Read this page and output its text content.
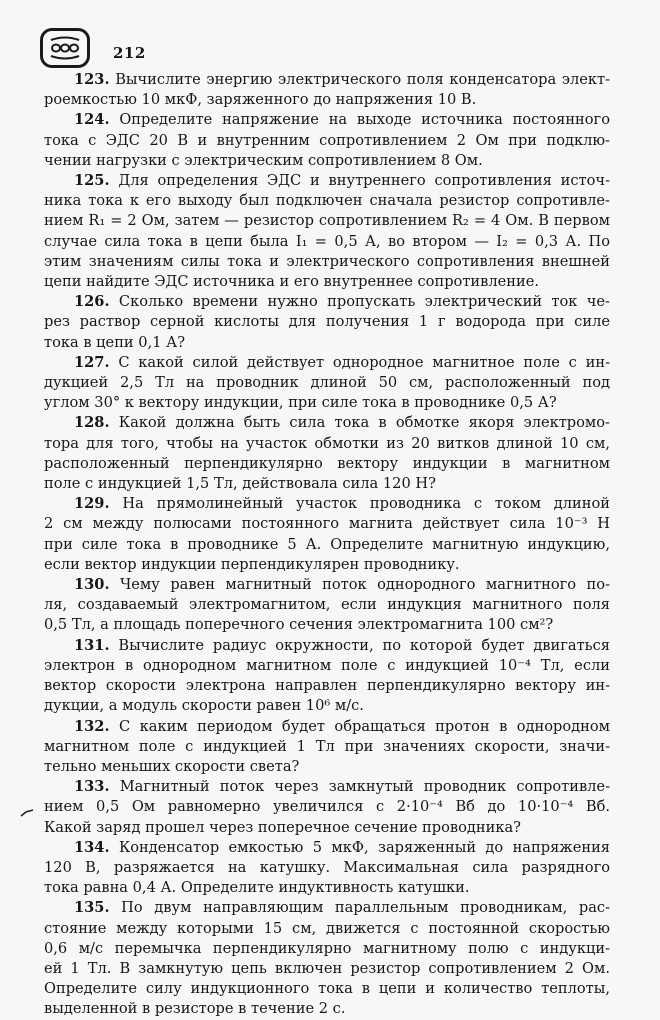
212
123. Вычислите энергию электрического поля конденсатора элект-
роемкостью 10 мкФ, заряженного до напряжения 10 В.
124. Определите напряжение на выходе источника постоянного
тока с ЭДС 20 В и внутренним сопротивлением 2 Ом при подклю-
чении нагрузки с электрическим сопротивлением 8 Ом.
125. Для определения ЭДС и внутреннего сопротивления источ-
ника тока к его выходу был подключен сначала резистор сопротивле-
нием R₁ = 2 Ом, затем — резистор сопротивлением R₂ = 4 Ом. В первом
случае сила тока в цепи была I₁ = 0,5 А, во втором — I₂ = 0,3 А. По
этим значениям силы тока и электрического сопротивления внешней
цепи найдите ЭДС источника и его внутреннее сопротивление.
126. Сколько времени нужно пропускать электрический ток че-
рез раствор серной кислоты для получения 1 г водорода при силе
тока в цепи 0,1 А?
127. С какой силой действует однородное магнитное поле с ин-
дукцией 2,5 Тл на проводник длиной 50 см, расположенный под
углом 30° к вектору индукции, при силе тока в проводнике 0,5 А?
128. Какой должна быть сила тока в обмотке якоря электромо-
тора для того, чтобы на участок обмотки из 20 витков длиной 10 см,
расположенный перпендикулярно вектору индукции в магнитном
поле с индукцией 1,5 Тл, действовала сила 120 Н?
129. На прямолинейный участок проводника с током длиной
2 см между полюсами постоянного магнита действует сила 10⁻³ Н
при силе тока в проводнике 5 А. Определите магнитную индукцию,
если вектор индукции перпендикулярен проводнику.
130. Чему равен магнитный поток однородного магнитного по-
ля, создаваемый электромагнитом, если индукция магнитного поля
0,5 Тл, а площадь поперечного сечения электромагнита 100 см²?
131. Вычислите радиус окружности, по которой будет двигаться
электрон в однородном магнитном поле с индукцией 10⁻⁴ Тл, если
вектор скорости электрона направлен перпендикулярно вектору ин-
дукции, а модуль скорости равен 10⁶ м/с.
132. С каким периодом будет обращаться протон в однородном
магнитном поле с индукцией 1 Тл при значениях скорости, значи-
тельно меньших скорости света?
133. Магнитный поток через замкнутый проводник сопротивле-
нием 0,5 Ом равномерно увеличился с 2·10⁻⁴ Вб до 10·10⁻⁴ Вб.
Какой заряд прошел через поперечное сечение проводника?
134. Конденсатор емкостью 5 мкФ, заряженный до напряжения
120 В, разряжается на катушку. Максимальная сила разрядного
тока равна 0,4 А. Определите индуктивность катушки.
135. По двум направляющим параллельным проводникам, рас-
стояние между которыми 15 см, движется с постоянной скоростью
0,6 м/с перемычка перпендикулярно магнитному полю с индукци-
ей 1 Тл. В замкнутую цепь включен резистор сопротивлением 2 Ом.
Определите силу индукционного тока в цепи и количество теплоты,
выделенной в резисторе в течение 2 с.
